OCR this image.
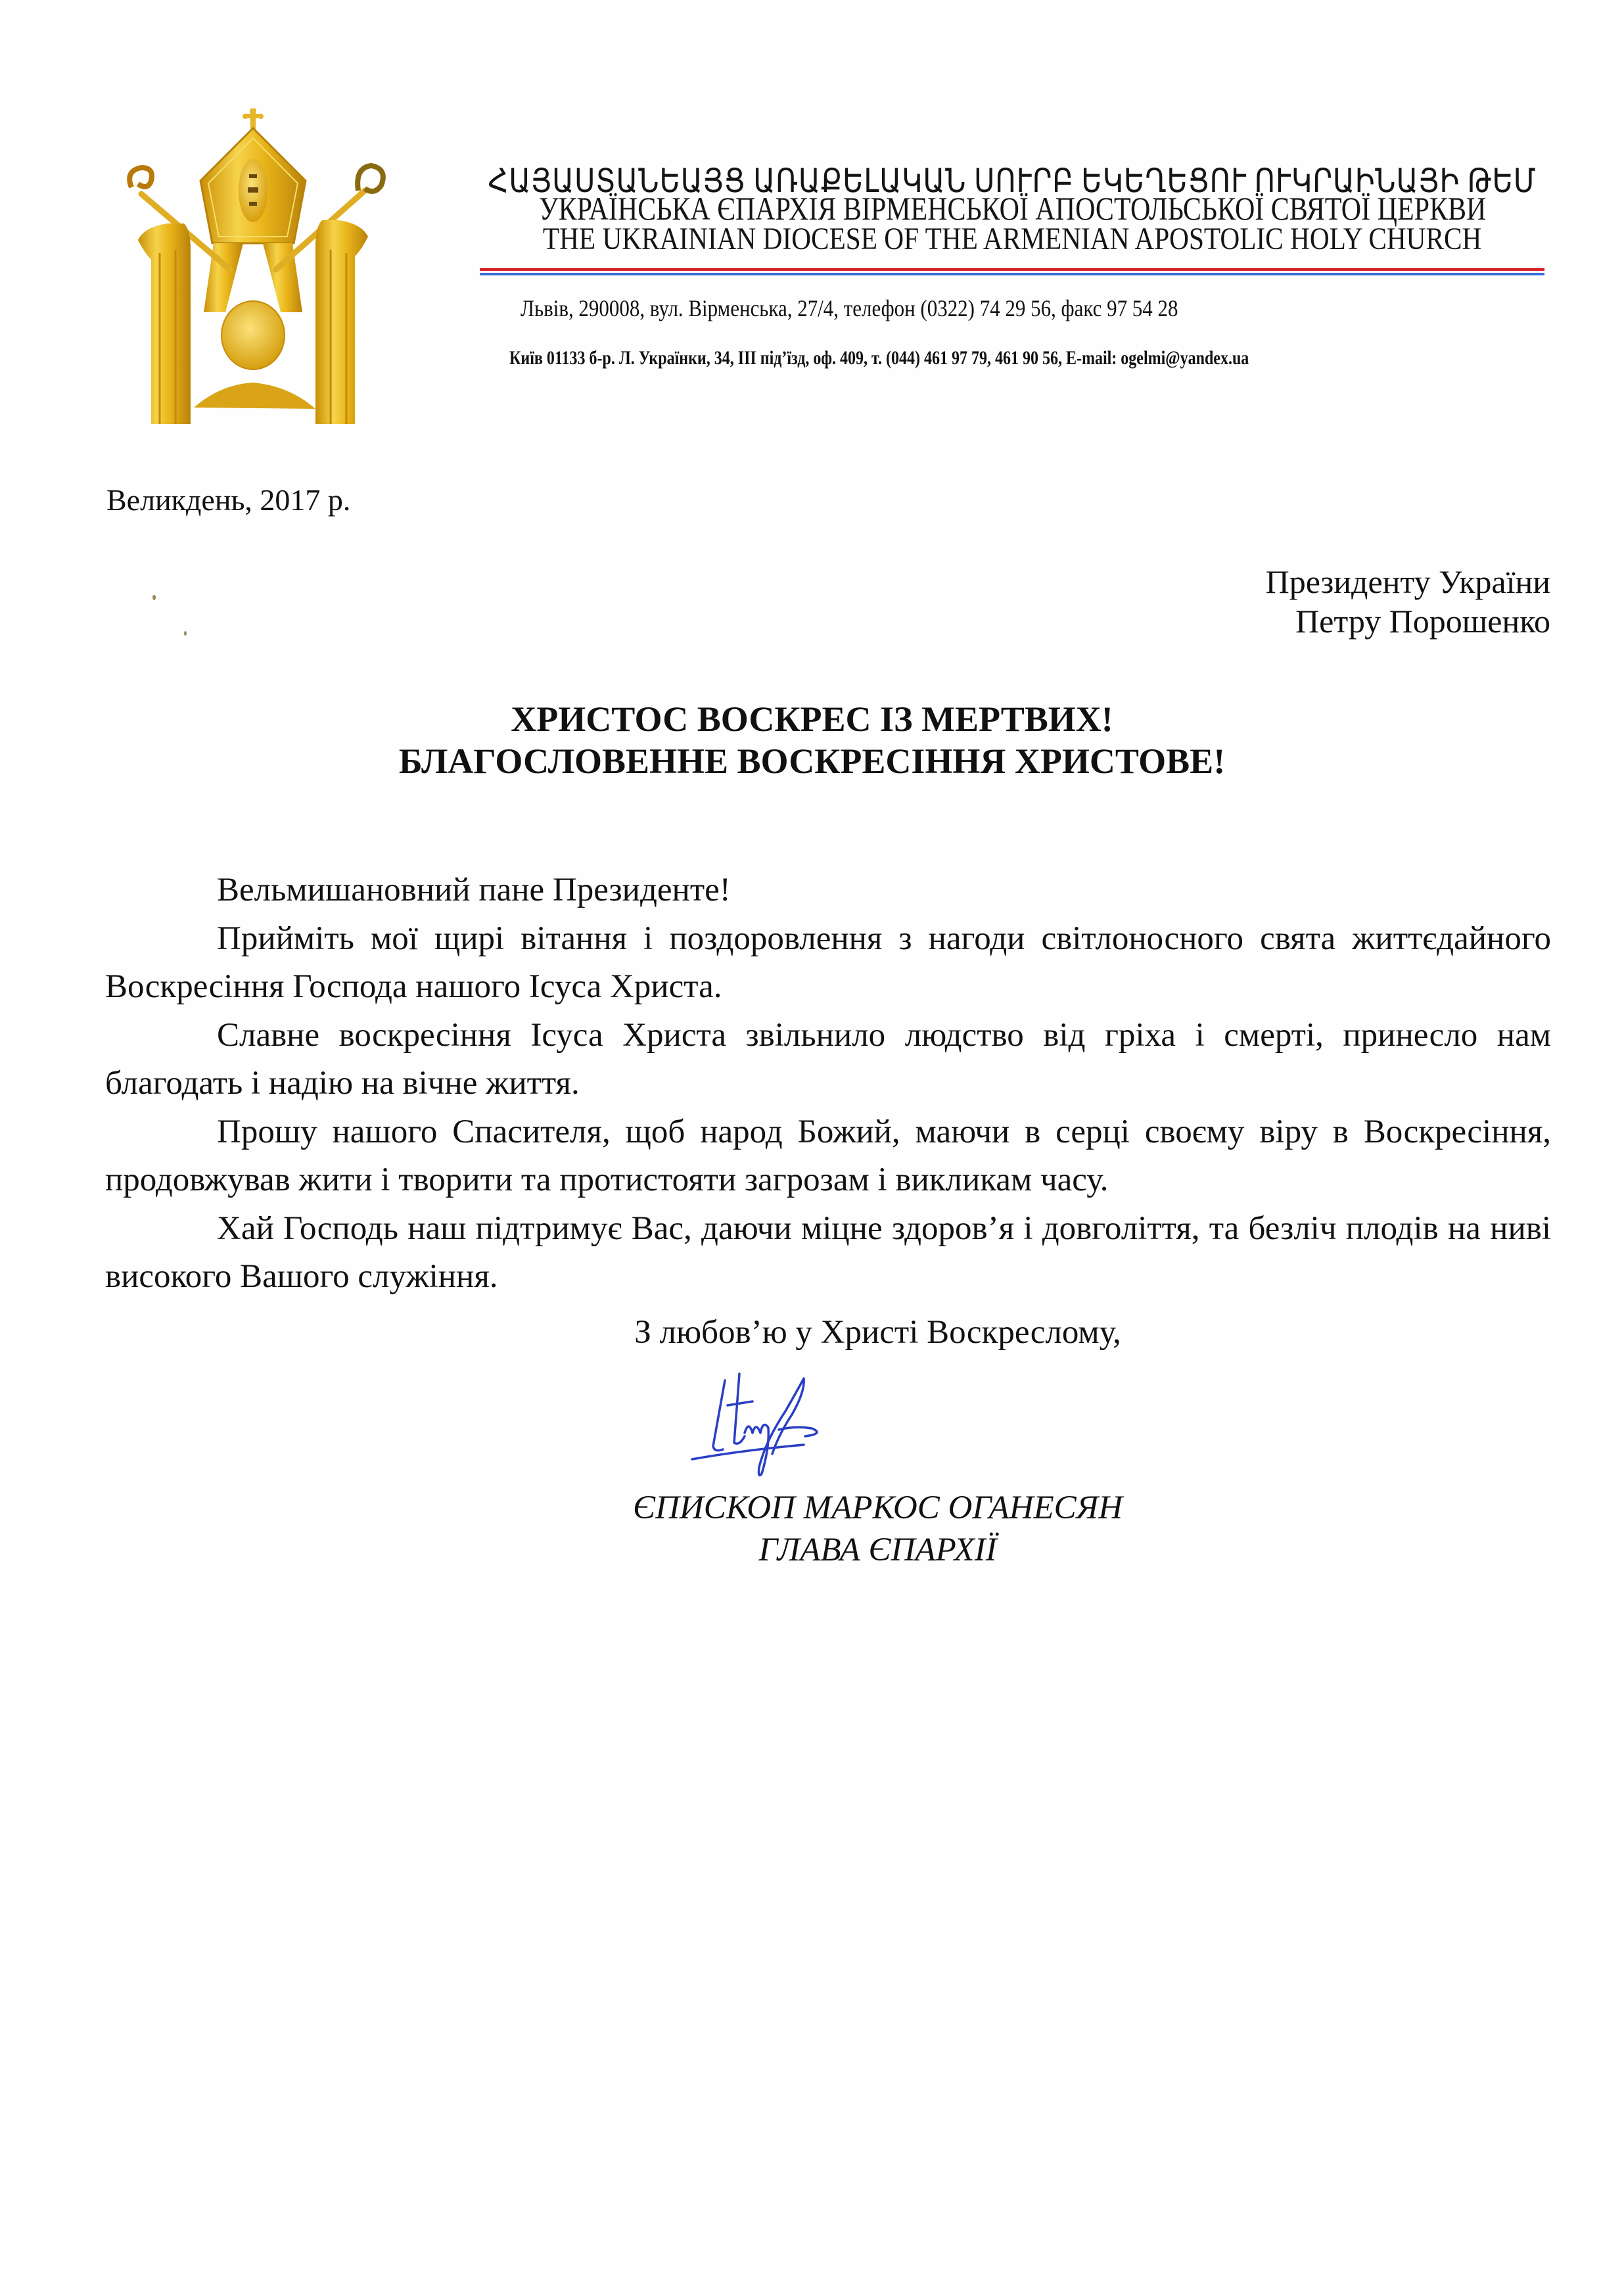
ՀԱՅԱՍՏԱՆԵԱՅՑ ԱՌԱՔԵԼԱԿԱՆ ՍՈՒՐԲ ԵԿԵՂԵՑՈՒ ՈՒԿՐԱԻՆԱՅԻ ԹԵՄ
УКРАЇНСЬКА ЄПАРХІЯ ВІРМЕНСЬКОЇ АПОСТОЛЬСЬКОЇ СВЯТОЇ ЦЕРКВИ
THE UKRAINIAN DIOCESE OF THE ARMENIAN APOSTOLIC HOLY CHURCH
Львів, 290008, вул. Вірменська, 27/4, телефон (0322) 74 29 56, факс 97 54 28
Київ 01133 б-р. Л. Українки, 34, III під’їзд, оф. 409, т. (044) 461 97 79, 461 90 56, E-mail: ogelmi@yandex.ua
Великдень, 2017 р.
Президенту України
Петру Порошенко
ХРИСТОС ВОСКРЕС ІЗ МЕРТВИХ!
БЛАГОСЛОВЕННЕ ВОСКРЕСІННЯ ХРИСТОВЕ!

Вельмишановний пане Президенте!

Прийміть мої щирі вітання і поздоровлення з нагоди світлоносного свята життєдайного Воскресіння Господа нашого Ісуса Христа.

Славне воскресіння Ісуса Христа звільнило людство від гріха і смерті, принесло нам благодать і надію на вічне життя.

Прошу нашого Спасителя, щоб народ Божий, маючи в серці своєму віру в Воскресіння, продовжував жити і творити та протистояти загрозам і викликам часу.

Хай Господь наш підтримує Вас, даючи міцне здоров’я і довголіття, та безліч плодів на ниві високого Вашого служіння.

З любов’ю у Христі Воскреслому,
ЄПИСКОП МАРКОС ОГАНЕСЯН
ГЛАВА ЄПАРХІЇ
